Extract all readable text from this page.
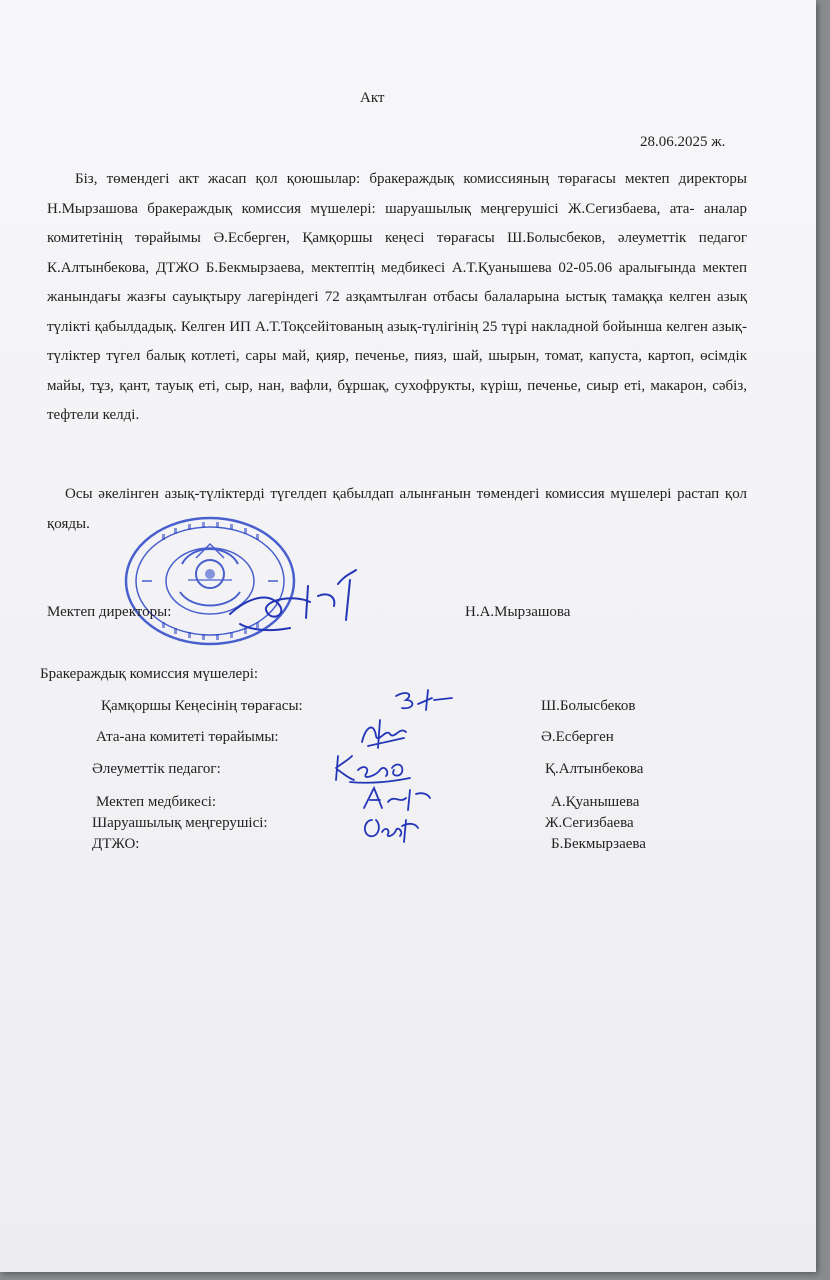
Акт
28.06.2025 ж.
Біз, төмендегі акт жасап қол қоюшылар: бракераждық комиссияның төрағасы мектеп директоры Н.Мырзашова бракераждық комиссия мүшелері: шаруашылық меңгерушісі Ж.Сегизбаева, ата- аналар комитетінің төрайымы Ә.Есберген, Қамқоршы кеңесі төрағасы Ш.Болысбеков, әлеуметтік педагог К.Алтынбекова, ДТЖО Б.Бекмырзаева, мектептің медбикесі А.Т.Қуанышева 02-05.06 аралығында мектеп жанындағы жазғы сауықтыру лагеріндегі 72 азқамтылған отбасы балаларына ыстық тамаққа келген азық түлікті қабылдадық. Келген ИП А.Т.Тоқсейітованың азық-түлігінің 25 түрі накладной бойынша келген азық-түліктер түгел балық котлеті, сары май, қияр, печенье, пияз, шай, шырын, томат, капуста, картоп, өсімдік майы, тұз, қант, тауық еті, сыр, нан, вафли, бұршақ, сухофрукты, күріш, печенье, сиыр еті, макарон, сәбіз, тефтели келді.
Осы әкелінген азық-түліктерді түгелдеп қабылдап алынғанын төмендегі комиссия мүшелері растап қол қояды.
Мектеп директоры:	Н.А.Мырзашова
Бракераждық комиссия мүшелері:
Қамқоршы Кеңесінің төрағасы:	Ш.Болысбеков
Ата-ана комитеті төрайымы:	Ә.Есберген
Әлеуметтік педагог:	Қ.Алтынбекова
Мектеп медбикесі:	А.Қуанышева
Шаруашылық меңгерушісі:	Ж.Сегизбаева
ДТЖО:	Б.Бекмырзаева
